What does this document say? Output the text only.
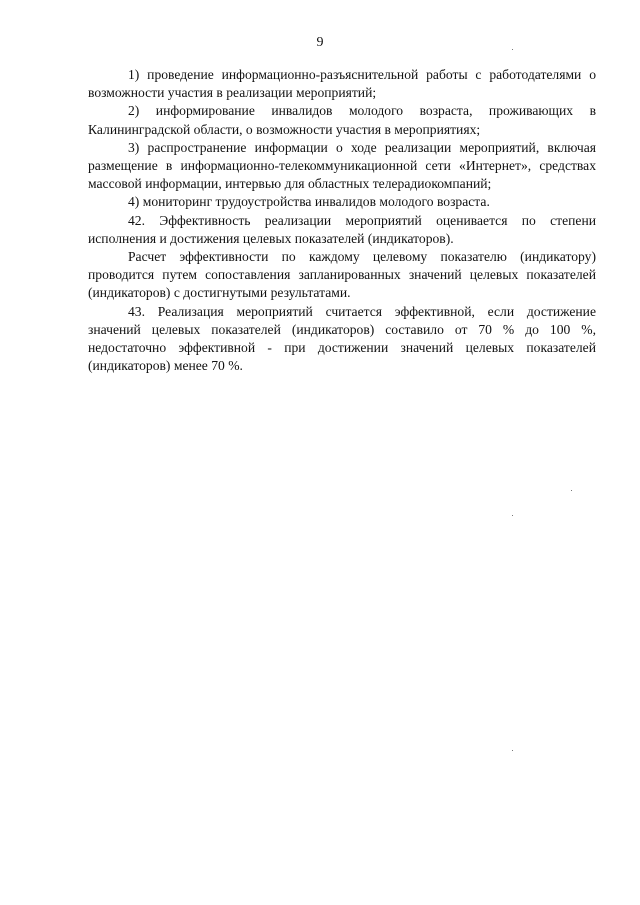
9

1) проведение информационно-разъяснительной работы с работодателями о возможности участия в реализации мероприятий;

2) информирование инвалидов молодого возраста, проживающих в Калининградской области, о возможности участия в мероприятиях;

3) распространение информации о ходе реализации мероприятий, включая размещение в информационно-телекоммуникационной сети «Интернет», средствах массовой информации, интервью для областных телерадиокомпаний;

4) мониторинг трудоустройства инвалидов молодого возраста.

42. Эффективность реализации мероприятий оценивается по степени исполнения и достижения целевых показателей (индикаторов).

Расчет эффективности по каждому целевому показателю (индикатору) проводится путем сопоставления запланированных значений целевых показателей (индикаторов) с достигнутыми результатами.

43. Реализация мероприятий считается эффективной, если достижение значений целевых показателей (индикаторов) составило от 70 % до 100 %, недостаточно эффективной - при достижении значений целевых показателей (индикаторов) менее 70 %.
